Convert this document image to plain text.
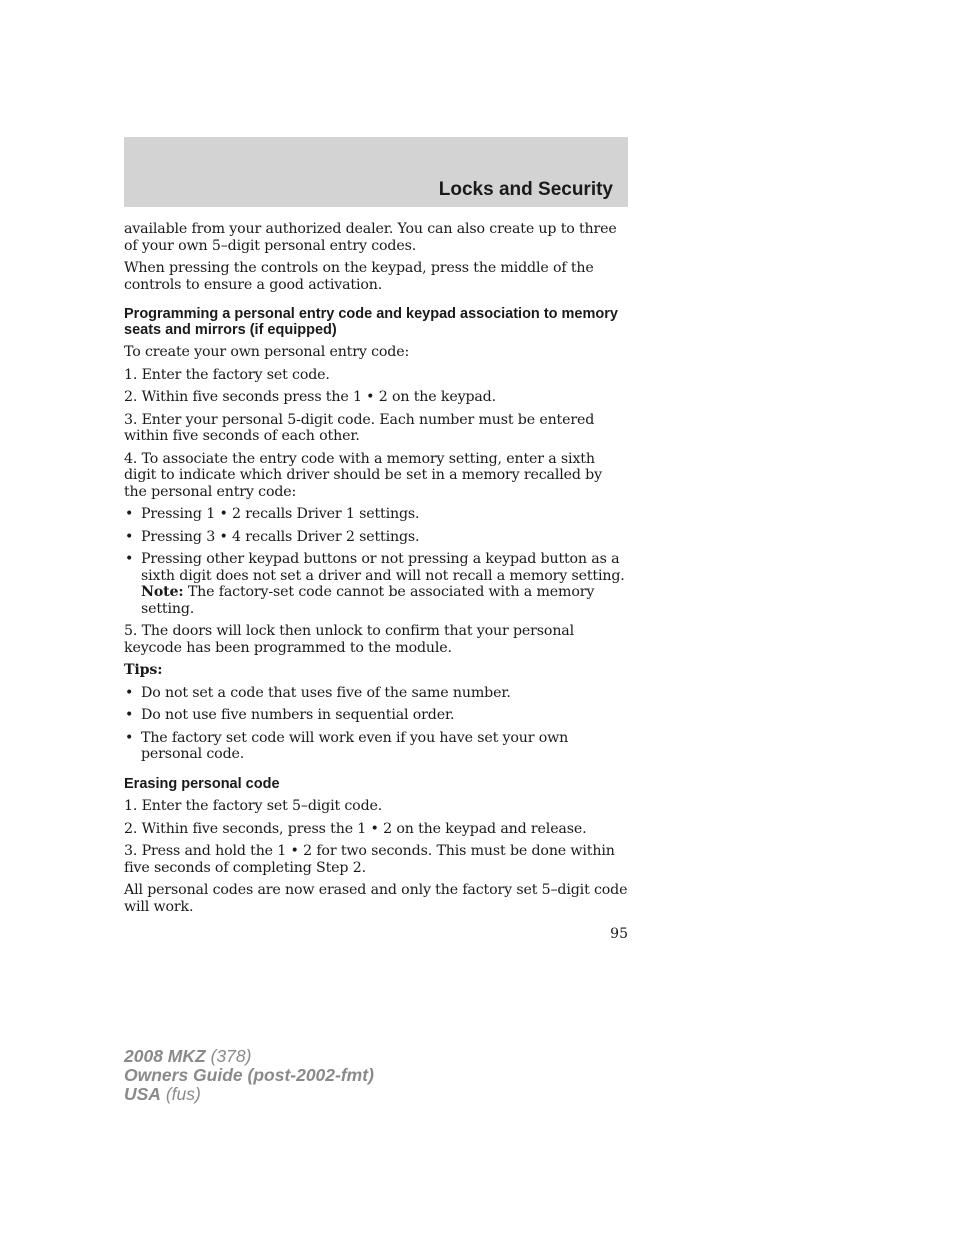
Locks and Security

available from your authorized dealer. You can also create up to three of your own 5–digit personal entry codes.

When pressing the controls on the keypad, press the middle of the controls to ensure a good activation.

Programming a personal entry code and keypad association to memory seats and mirrors (if equipped)

To create your own personal entry code:

1. Enter the factory set code.

2. Within five seconds press the 1 • 2 on the keypad.

3. Enter your personal 5-digit code. Each number must be entered within five seconds of each other.

4. To associate the entry code with a memory setting, enter a sixth digit to indicate which driver should be set in a memory recalled by the personal entry code:

• Pressing 1 • 2 recalls Driver 1 settings.
• Pressing 3 • 4 recalls Driver 2 settings.
• Pressing other keypad buttons or not pressing a keypad button as a sixth digit does not set a driver and will not recall a memory setting. Note: The factory-set code cannot be associated with a memory setting.

5. The doors will lock then unlock to confirm that your personal keycode has been programmed to the module.

Tips:

• Do not set a code that uses five of the same number.
• Do not use five numbers in sequential order.
• The factory set code will work even if you have set your own personal code.
Erasing personal code

1. Enter the factory set 5–digit code.

2. Within five seconds, press the 1 • 2 on the keypad and release.

3. Press and hold the 1 • 2 for two seconds. This must be done within five seconds of completing Step 2.

All personal codes are now erased and only the factory set 5–digit code will work.

95
2008 MKZ (378)
Owners Guide (post-2002-fmt)
USA (fus)
